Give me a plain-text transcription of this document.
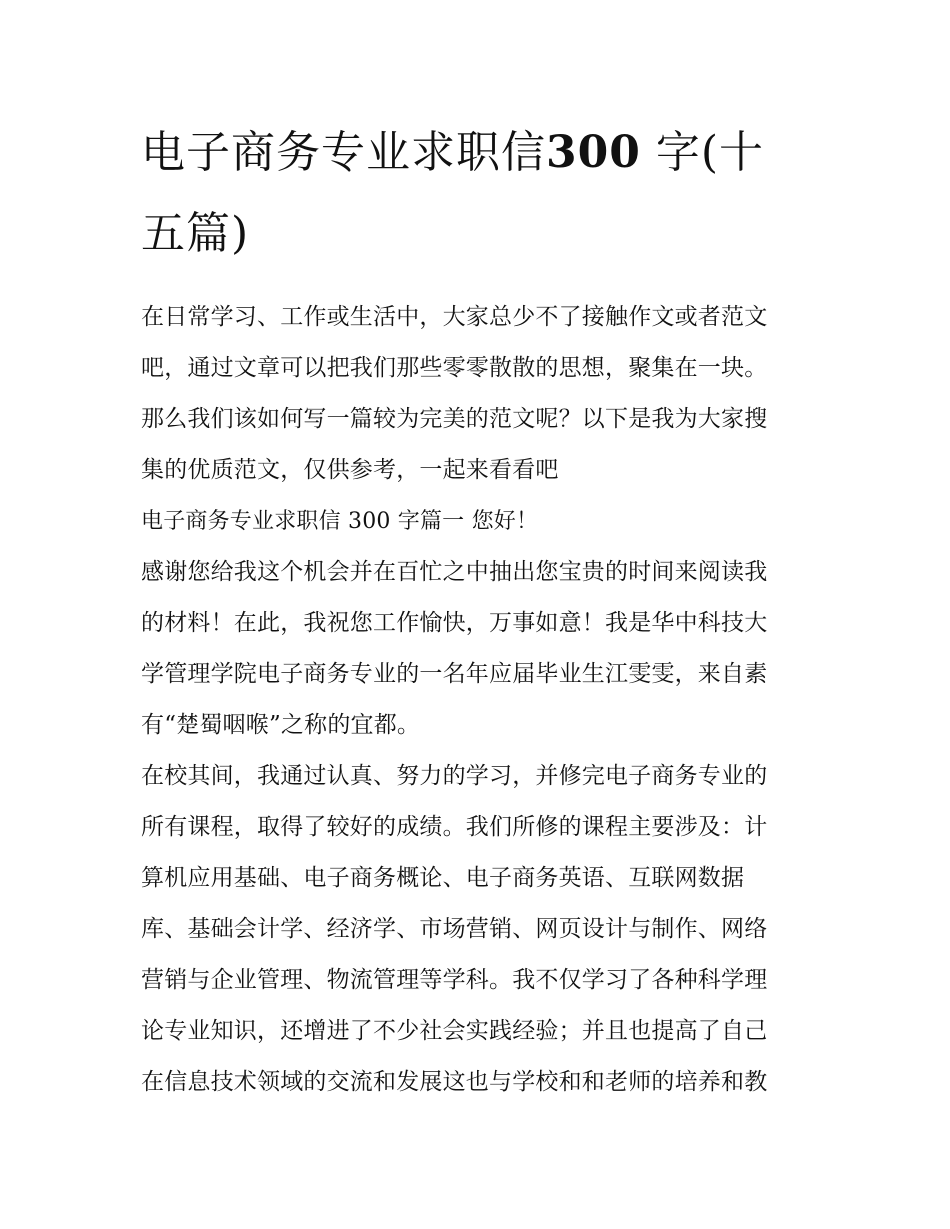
电子商务专业求职信300 字(十
五篇)
在日常学习、工作或生活中，大家总少不了接触作文或者范文
吧，通过文章可以把我们那些零零散散的思想，聚集在一块。
那么我们该如何写一篇较为完美的范文呢？以下是我为大家搜
集的优质范文，仅供参考，一起来看看吧
电子商务专业求职信 300 字篇一 您好！
感谢您给我这个机会并在百忙之中抽出您宝贵的时间来阅读我
的材料！在此，我祝您工作愉快，万事如意！我是华中科技大
学管理学院电子商务专业的一名年应届毕业生江雯雯，来自素
有“楚蜀咽喉”之称的宜都。
在校其间，我通过认真、努力的学习，并修完电子商务专业的
所有课程，取得了较好的成绩。我们所修的课程主要涉及：计
算机应用基础、电子商务概论、电子商务英语、互联网数据
库、基础会计学、经济学、市场营销、网页设计与制作、网络
营销与企业管理、物流管理等学科。我不仅学习了各种科学理
论专业知识，还增进了不少社会实践经验；并且也提高了自己
在信息技术领域的交流和发展这也与学校和和老师的培养和教
